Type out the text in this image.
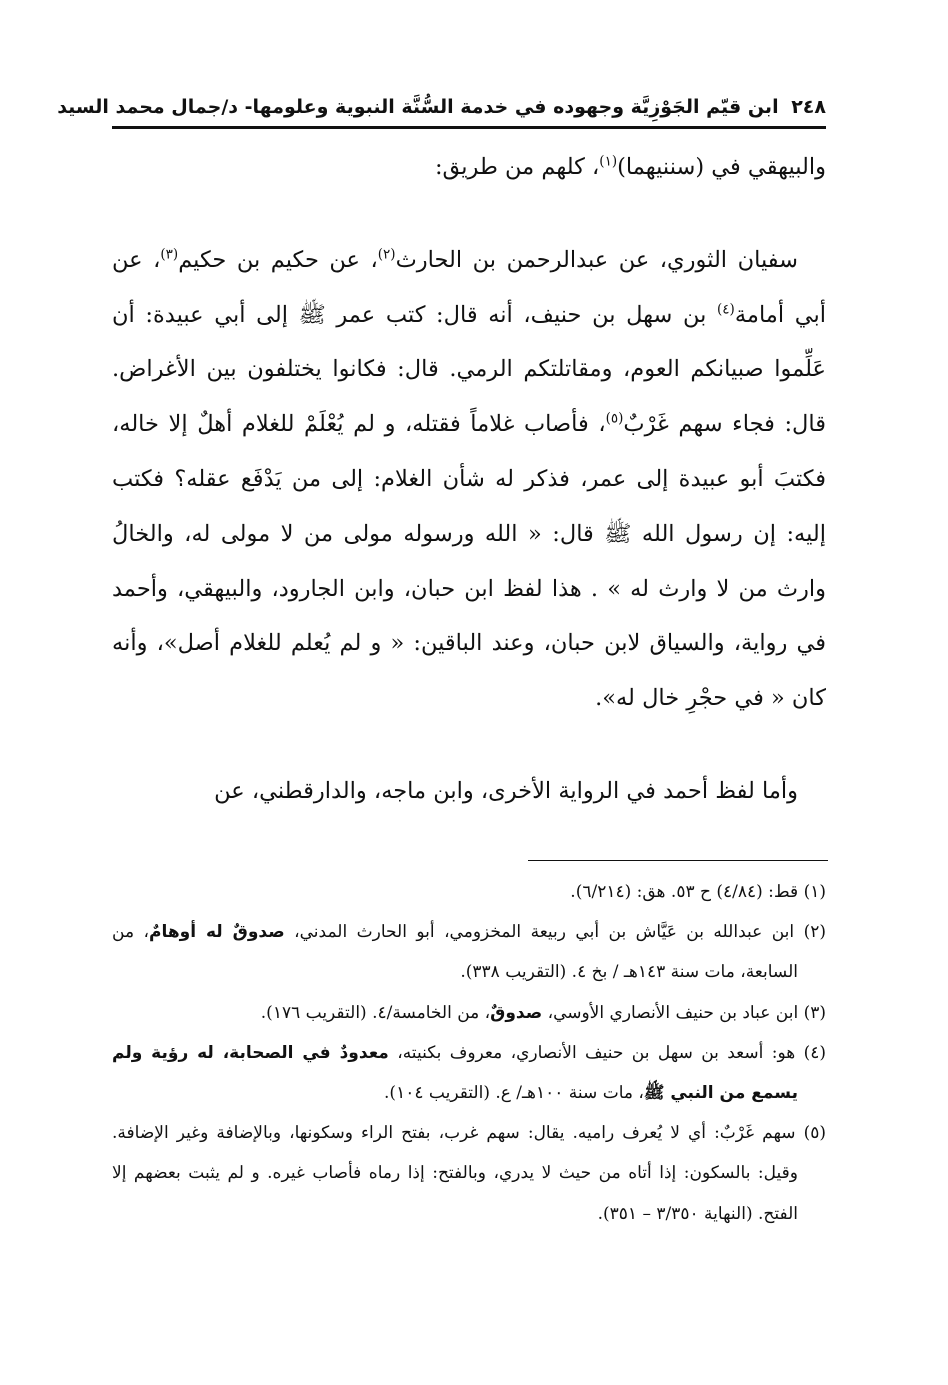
٢٤٨ ابن قيّم الجَوْزِيَّة وجهوده في خدمة السُّنَّة النبوية وعلومها- د/جمال محمد السيد

والبيهقي في (سننيهما)$^{(١)}$، كلهم من طريق:

سفيان الثوري، عن عبدالرحمن بن الحارث$^{(٢)}$، عن حكيم بن حكيم$^{(٣)}$، عن أبي أمامة$^{(٤)}$ بن سهل بن حنيف، أنه قال: كتب عمر ﷺ إلى أبي عبيدة: أن عَلِّموا صبيانكم العوم، ومقاتلتكم الرمي. قال: فكانوا يختلفون بين الأغراض. قال: فجاء سهم غَرْبٌ$^{(٥)}$، فأصاب غلاماً فقتله، و لم يُعْلَمْ للغلام أهلٌ إلا خاله، فكتبَ أبو عبيدة إلى عمر، فذكر له شأن الغلام: إلى من يَدْفَع عقله؟ فكتب إليه: إن رسول الله ﷺ قال: « الله ورسوله مولى من لا مولى له، والخالُ وارث من لا وارث له » . هذا لفظ ابن حبان، وابن الجارود، والبيهقي، وأحمد في رواية، والسياق لابن حبان، وعند الباقين: « و لم يُعلم للغلام أصل»، وأنه كان « في حجْرِ خال له».

وأما لفظ أحمد في الرواية الأخرى، وابن ماجه، والدارقطني، عن

(١) قط: (٤/٨٤) ح ٥٣. هق: (٦/٢١٤).

(٢) ابن عبدالله بن عَيَّاش بن أبي ربيعة المخزومي، أبو الحارث المدني، صدوقٌ له أوهامٌ، من السابعة، مات سنة ١٤٣هـ / بخ ٤. (التقريب ٣٣٨).

(٣) ابن عباد بن حنيف الأنصاري الأوسي، صدوقٌ، من الخامسة/٤. (التقريب ١٧٦).

(٤) هو: أسعد بن سهل بن حنيف الأنصاري، معروف بكنيته، معدودٌ في الصحابة، له رؤية ولم يسمع من النبي ﷺ، مات سنة ١٠٠هـ/ ع. (التقريب ١٠٤).

(٥) سهم غَرْبٌ: أي لا يُعرف راميه. يقال: سهم غرب، بفتح الراء وسكونها، وبالإضافة وغير الإضافة. وقيل: بالسكون: إذا أتاه من حيث لا يدري، وبالفتح: إذا رماه فأصاب غيره. و لم يثبت بعضهم إلا الفتح. (النهاية ٣/٣٥٠ – ٣٥١).
